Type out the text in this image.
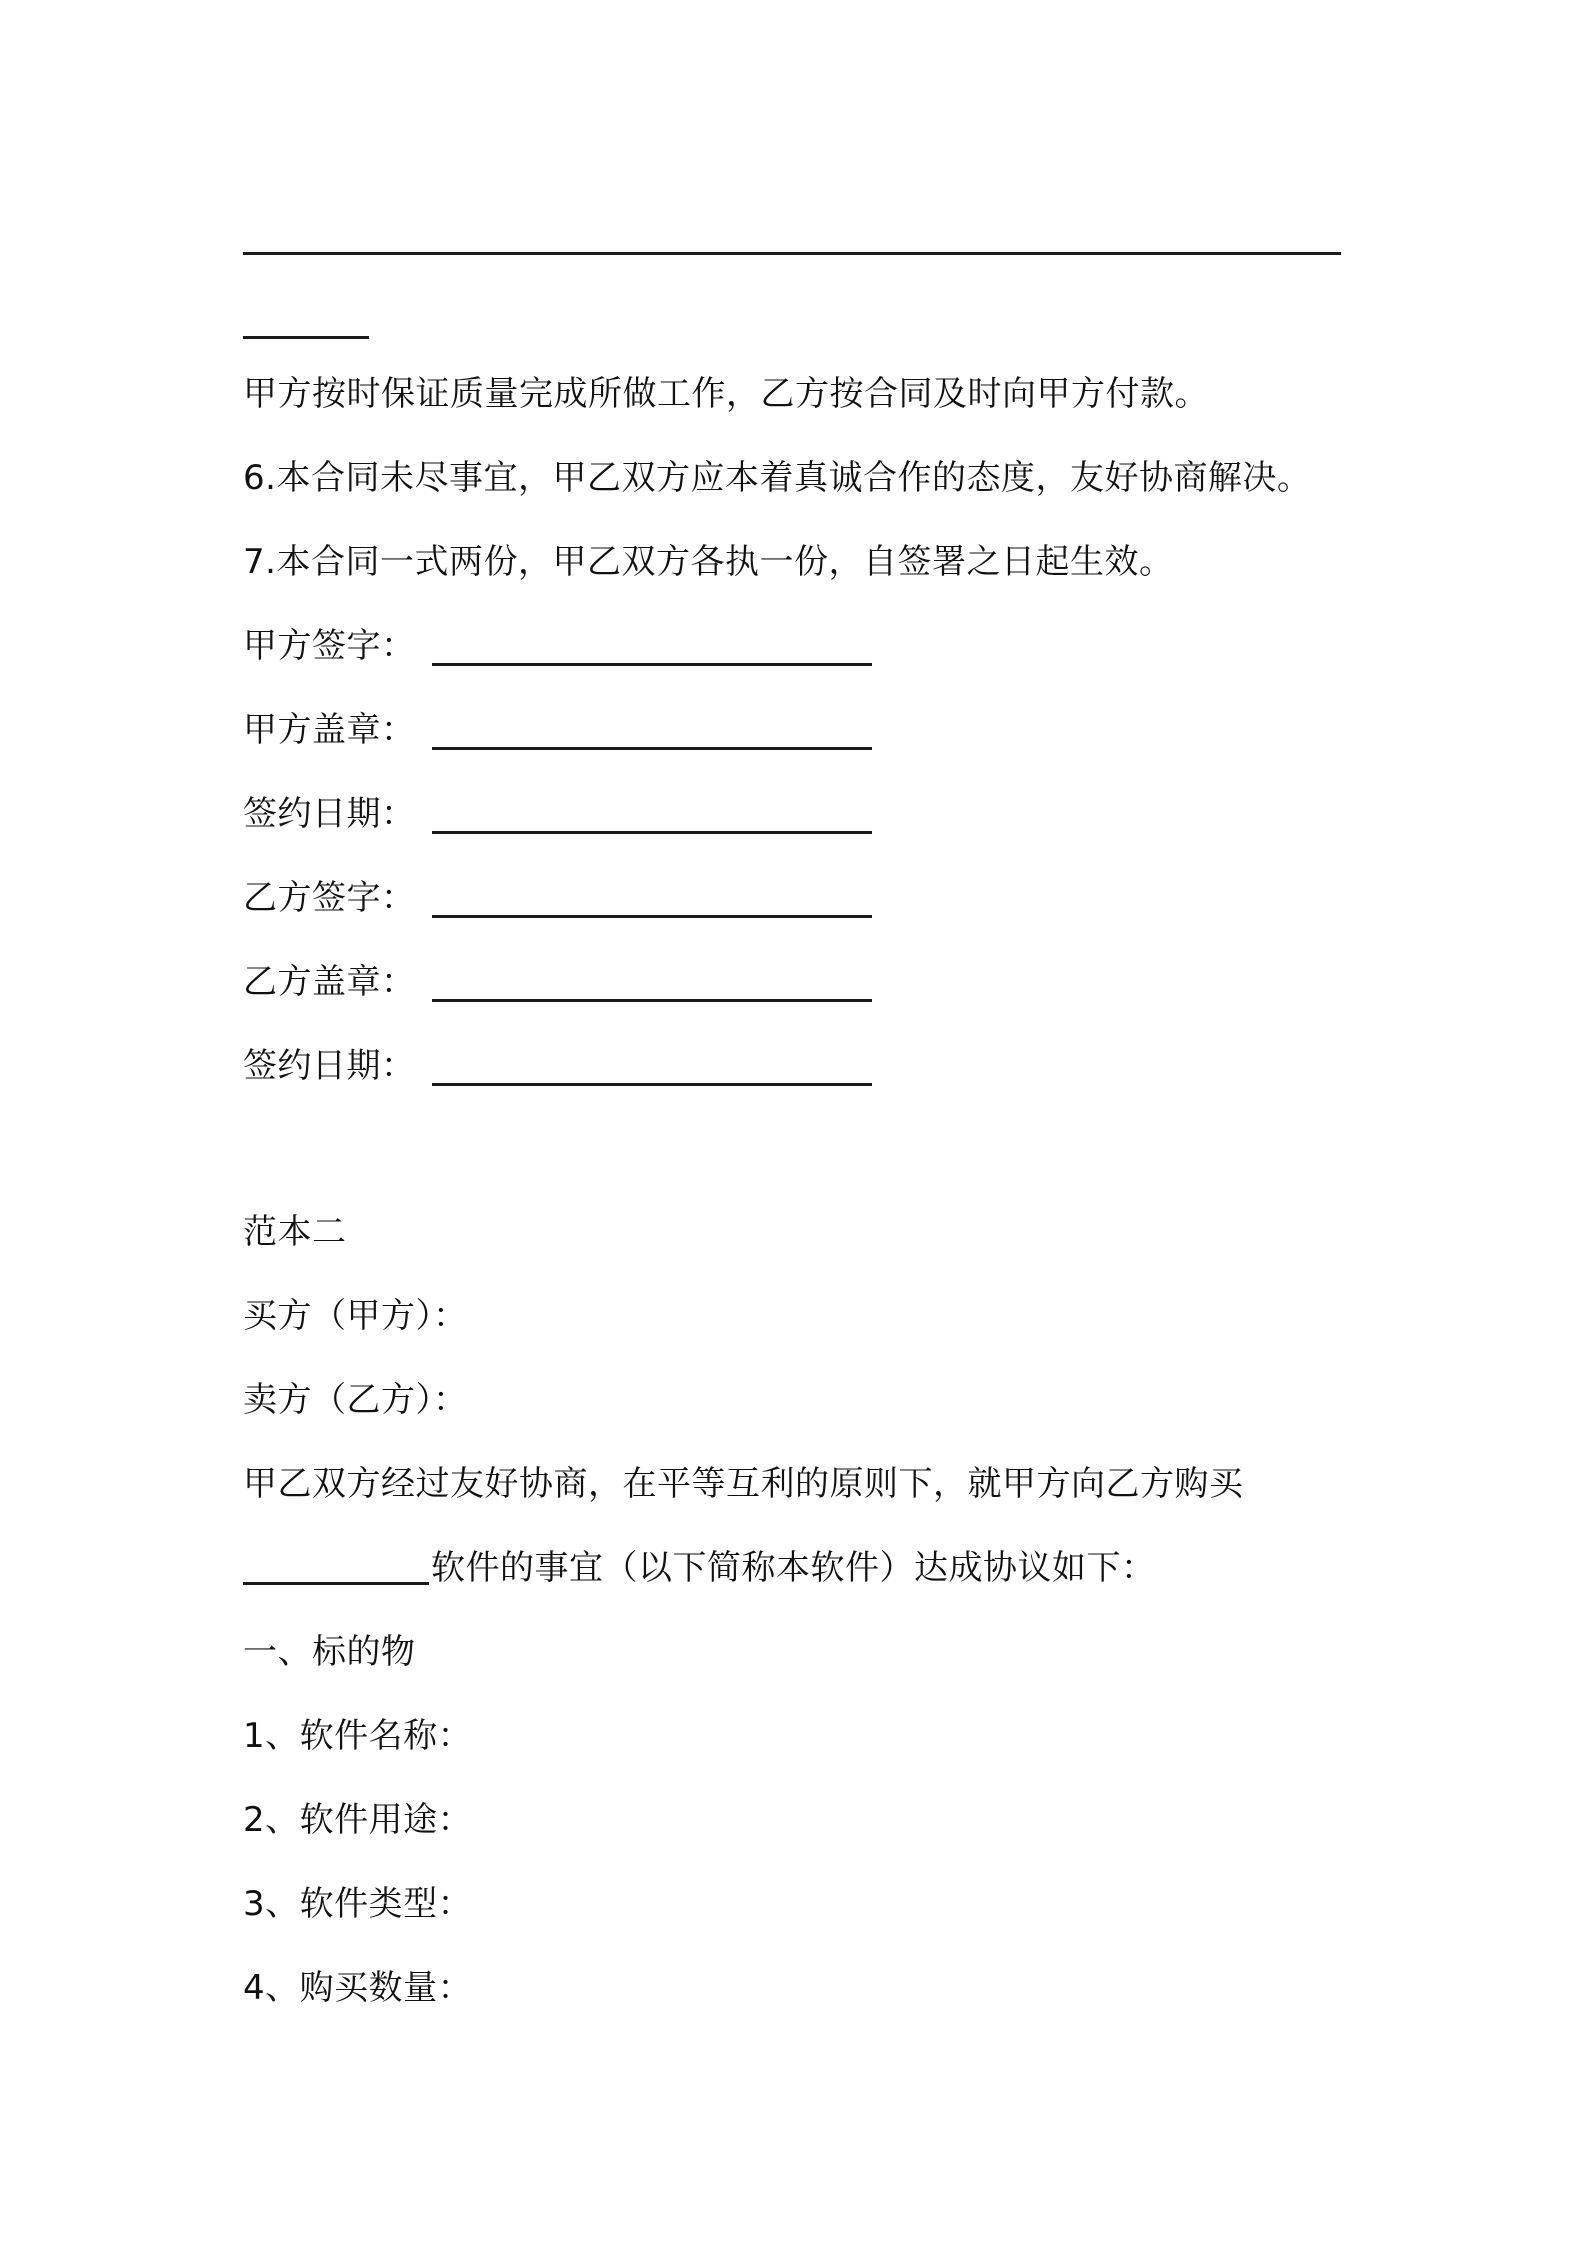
甲方按时保证质量完成所做工作，乙方按合同及时向甲方付款。
6.本合同未尽事宜，甲乙双方应本着真诚合作的态度，友好协商解决。
7.本合同一式两份，甲乙双方各执一份，自签署之日起生效。
甲方签字：
甲方盖章：
签约日期：
乙方签字：
乙方盖章：
签约日期：
范本二
买方（甲方）：
卖方（乙方）：
甲乙双方经过友好协商，在平等互利的原则下，就甲方向乙方购买
软件的事宜（以下简称本软件）达成协议如下：
一、标的物
1、软件名称：
2、软件用途：
3、软件类型：
4、购买数量：
